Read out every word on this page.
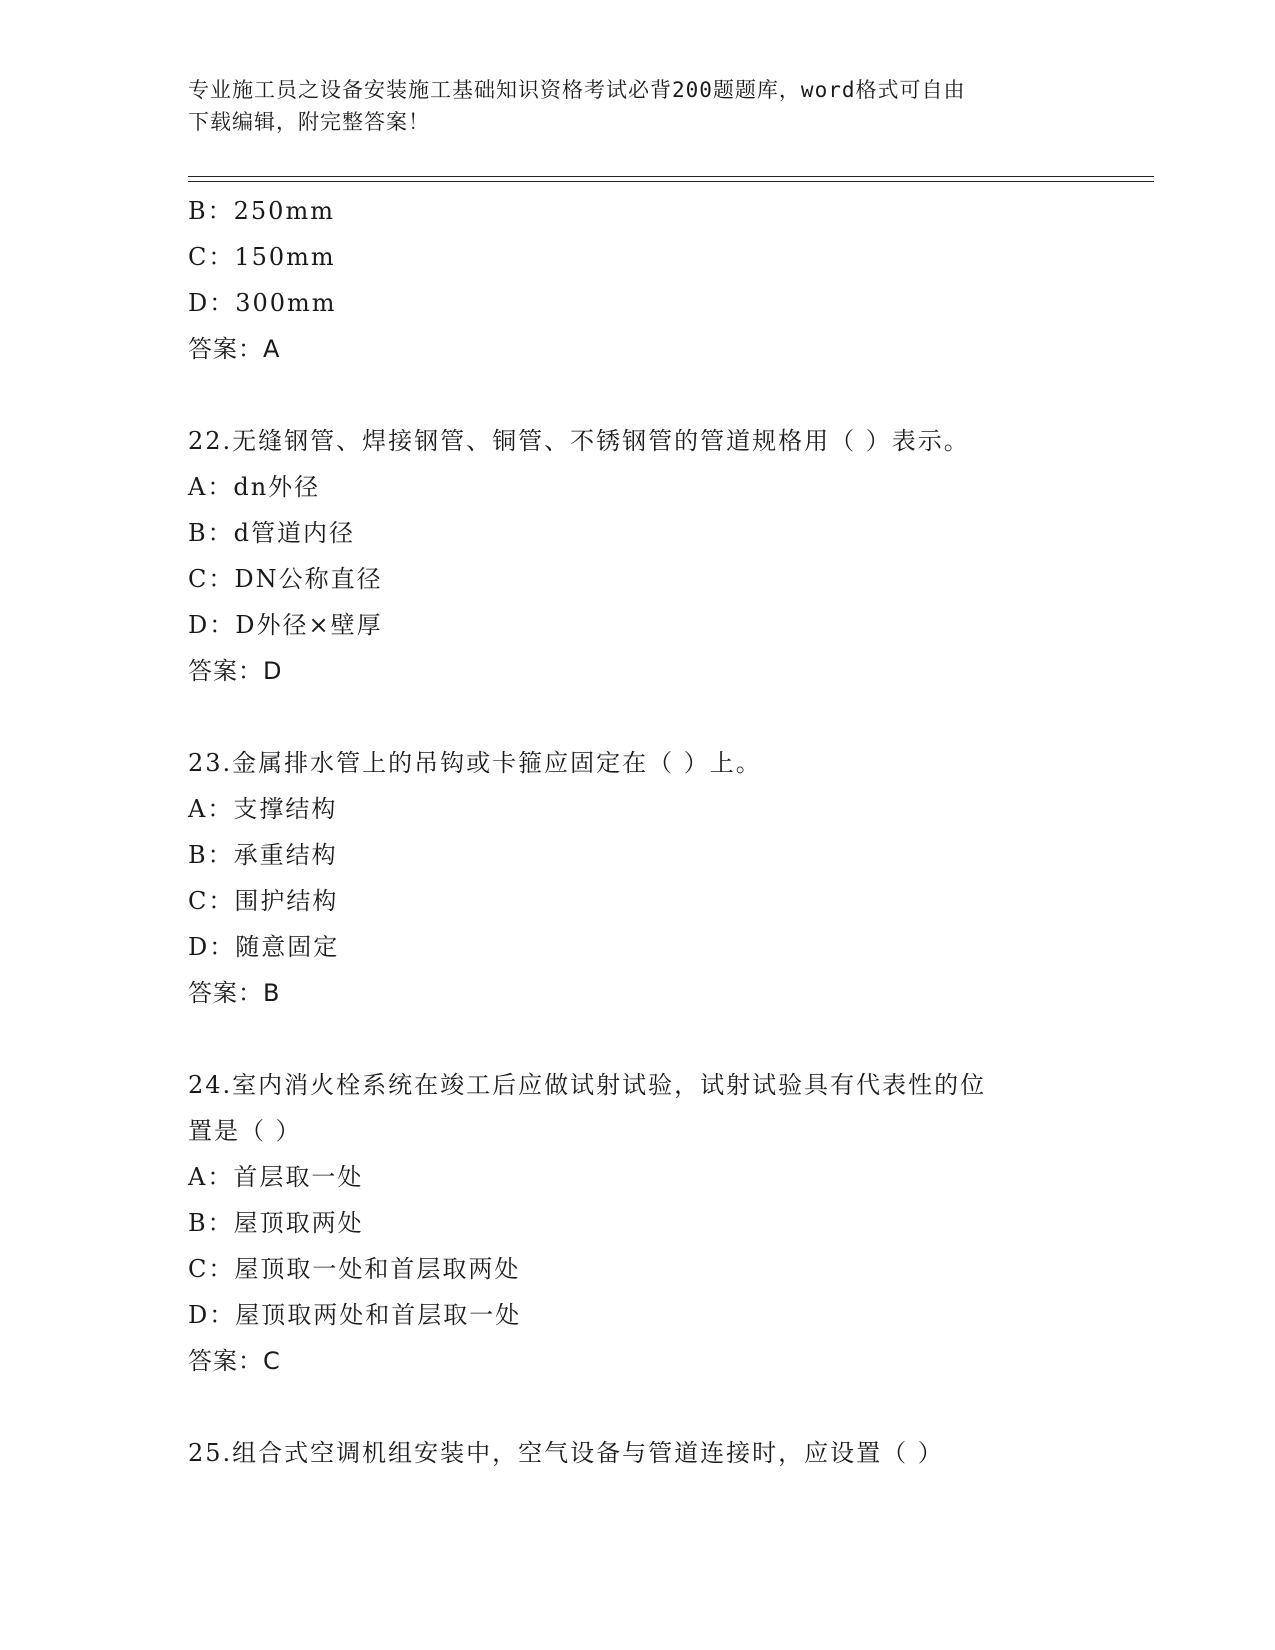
专业施工员之设备安装施工基础知识资格考试必背200题题库，word格式可自由
下载编辑，附完整答案！
B：250mm
C：150mm
D：300mm
答案：A
22.无缝钢管、焊接钢管、铜管、不锈钢管的管道规格用（ ）表示。
A：dn外径
B：d管道内径
C：DN公称直径
D：D外径×壁厚
答案：D
23.金属排水管上的吊钩或卡箍应固定在（ ）上。
A：支撑结构
B：承重结构
C：围护结构
D：随意固定
答案：B
24.室内消火栓系统在竣工后应做试射试验，试射试验具有代表性的位
置是（ ）
A：首层取一处
B：屋顶取两处
C：屋顶取一处和首层取两处
D：屋顶取两处和首层取一处
答案：C
25.组合式空调机组安装中，空气设备与管道连接时，应设置（ ）
